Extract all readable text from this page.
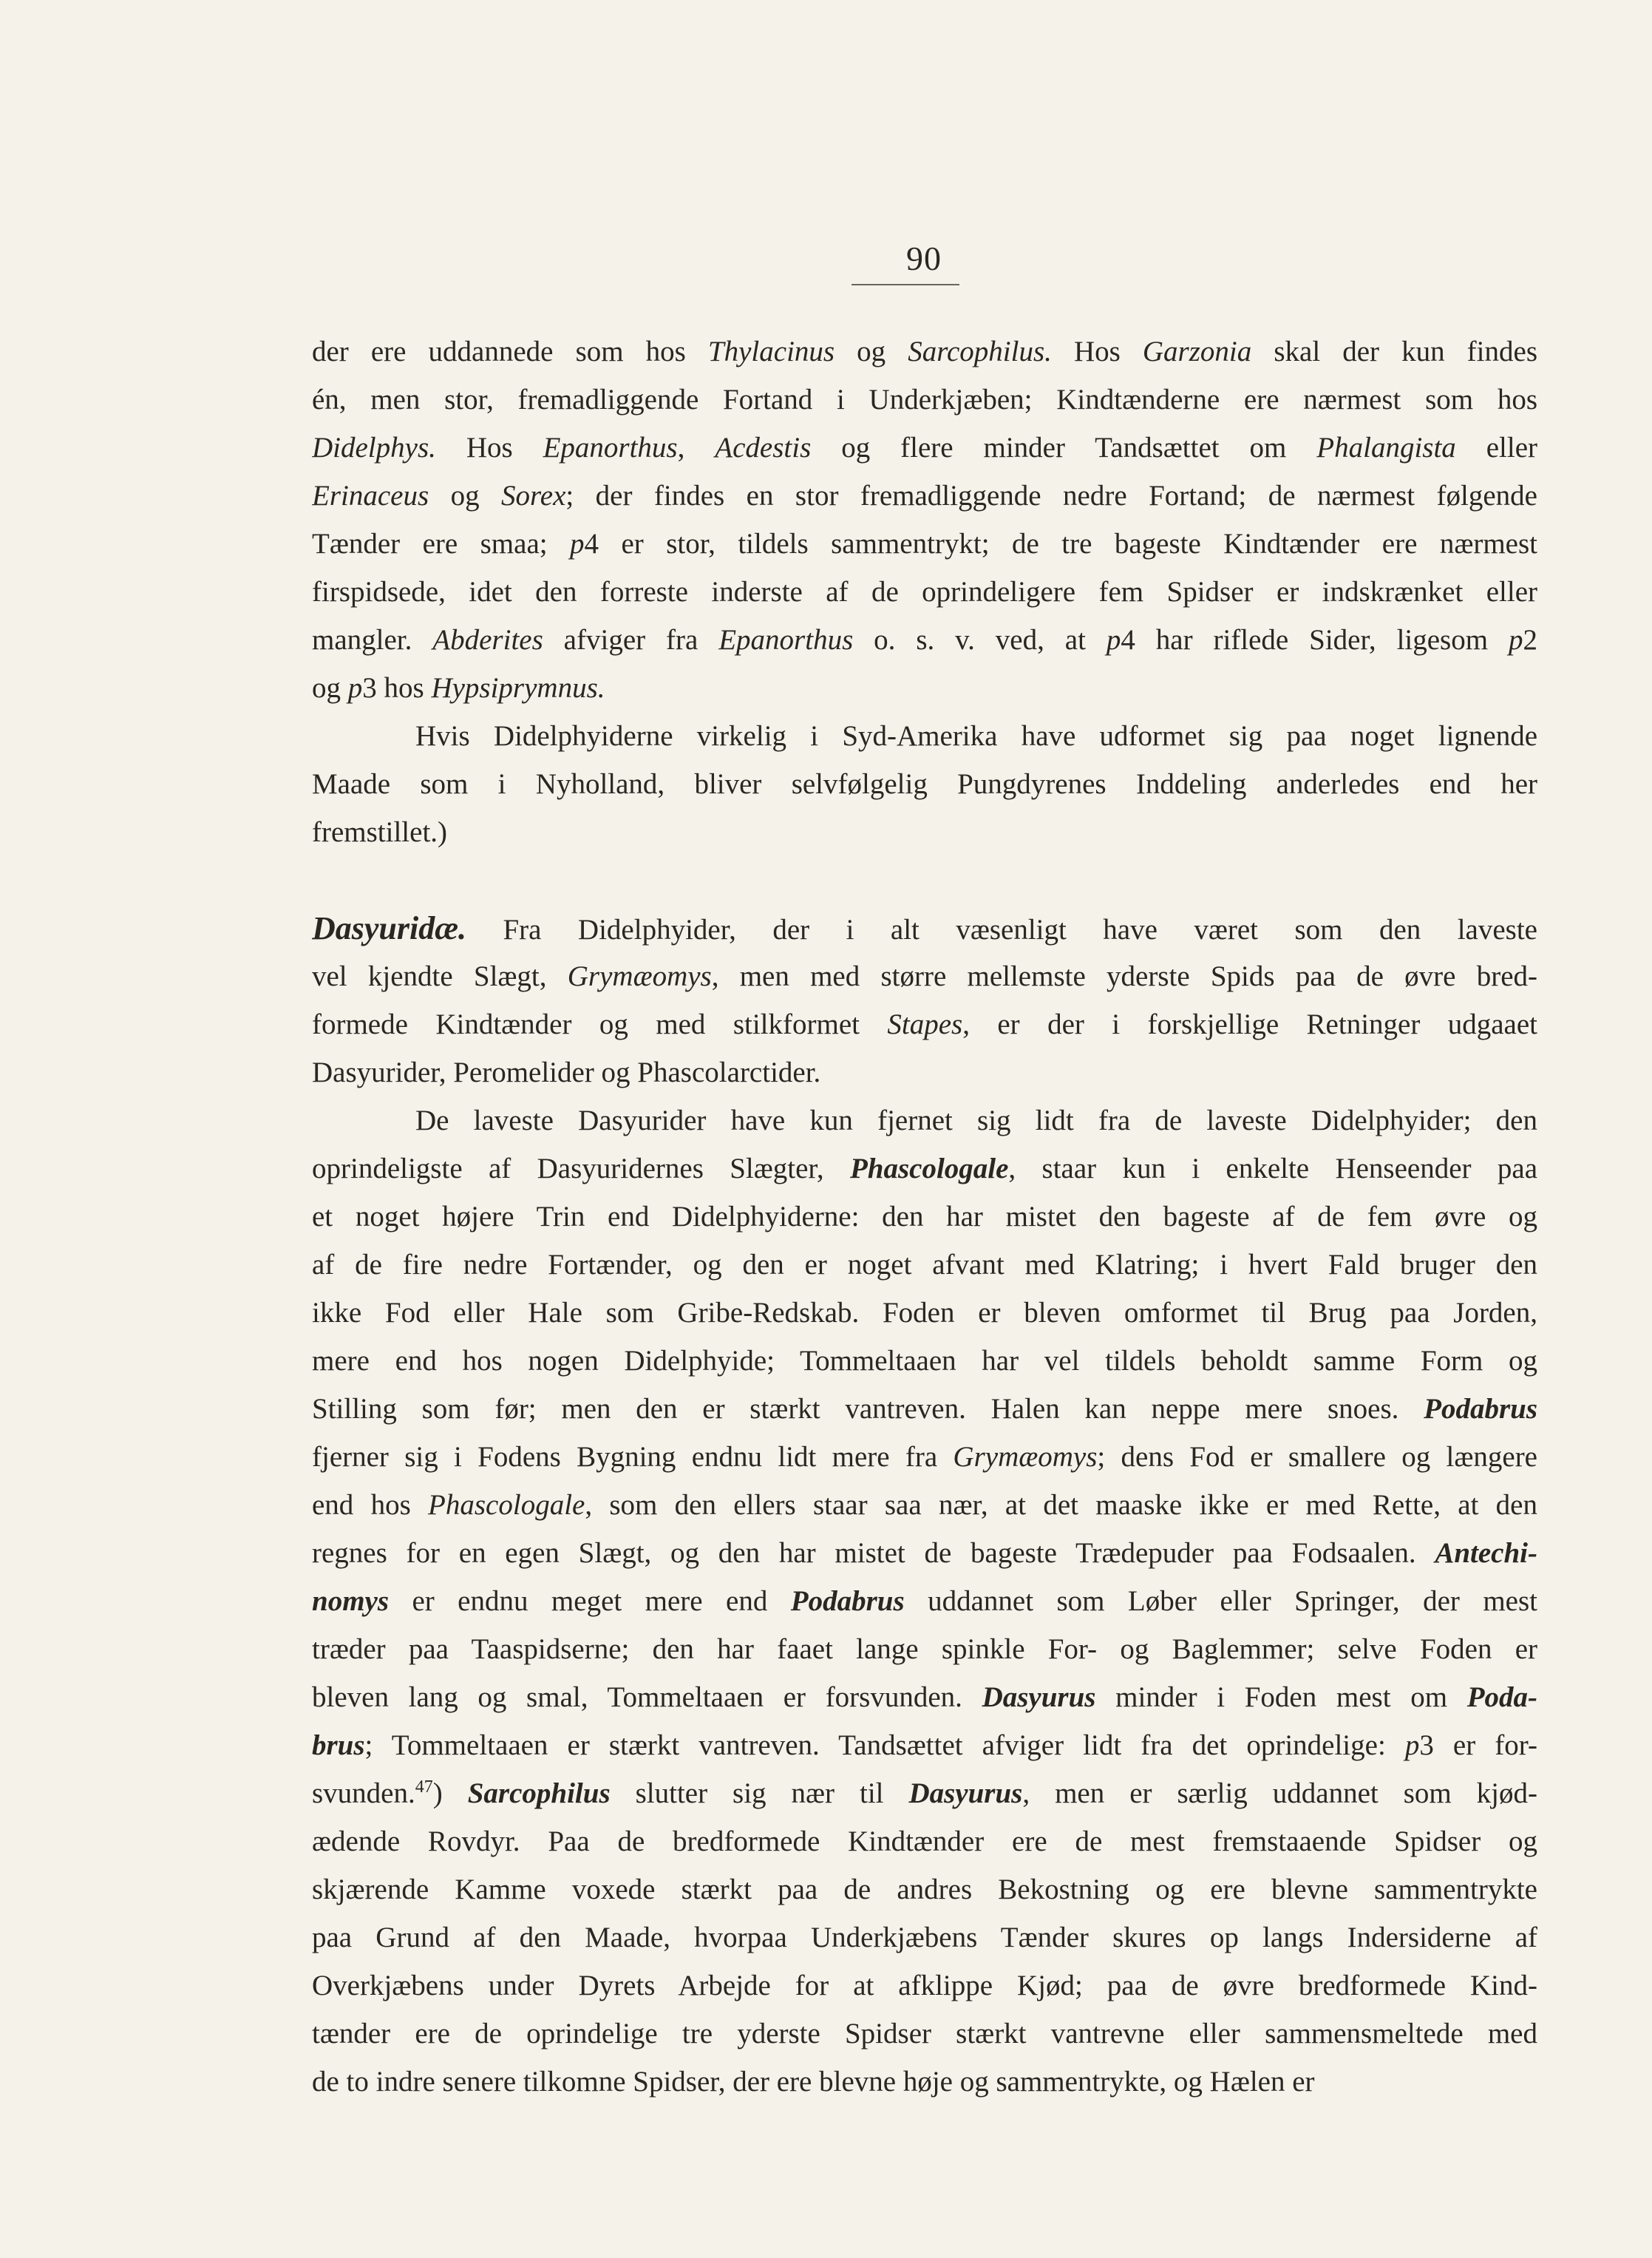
90
der ere uddannede som hos Thylacinus og Sarcophilus. Hos Garzonia skal der kun findes
én, men stor, fremadliggende Fortand i Underkjæben; Kindtænderne ere nærmest som hos
Didelphys. Hos Epanorthus, Acdestis og flere minder Tandsættet om Phalangista eller
Erinaceus og Sorex; der findes en stor fremadliggende nedre Fortand; de nærmest følgende
Tænder ere smaa; p4 er stor, tildels sammentrykt; de tre bageste Kindtænder ere nærmest
firspidsede, idet den forreste inderste af de oprindeligere fem Spidser er indskrænket eller
mangler. Abderites afviger fra Epanorthus o. s. v. ved, at p4 har riflede Sider, ligesom p2
og p3 hos Hypsiprymnus.
Hvis Didelphyiderne virkelig i Syd-Amerika have udformet sig paa noget lignende
Maade som i Nyholland, bliver selvfølgelig Pungdyrenes Inddeling anderledes end her
fremstillet.)
Dasyuridæ. Fra Didelphyider, der i alt væsenligt have været som den laveste
vel kjendte Slægt, Grymæomys, men med større mellemste yderste Spids paa de øvre bred-
formede Kindtænder og med stilkformet Stapes, er der i forskjellige Retninger udgaaet
Dasyurider, Peromelider og Phascolarctider.
De laveste Dasyurider have kun fjernet sig lidt fra de laveste Didelphyider; den
oprindeligste af Dasyuridernes Slægter, Phascologale, staar kun i enkelte Henseender paa
et noget højere Trin end Didelphyiderne: den har mistet den bageste af de fem øvre og
af de fire nedre Fortænder, og den er noget afvant med Klatring; i hvert Fald bruger den
ikke Fod eller Hale som Gribe-Redskab. Foden er bleven omformet til Brug paa Jorden,
mere end hos nogen Didelphyide; Tommeltaaen har vel tildels beholdt samme Form og
Stilling som før; men den er stærkt vantreven. Halen kan neppe mere snoes. Podabrus
fjerner sig i Fodens Bygning endnu lidt mere fra Grymæomys; dens Fod er smallere og længere
end hos Phascologale, som den ellers staar saa nær, at det maaske ikke er med Rette, at den
regnes for en egen Slægt, og den har mistet de bageste Trædepuder paa Fodsaalen. Antechi-
nomys er endnu meget mere end Podabrus uddannet som Løber eller Springer, der mest
træder paa Taaspidserne; den har faaet lange spinkle For- og Baglemmer; selve Foden er
bleven lang og smal, Tommeltaaen er forsvunden. Dasyurus minder i Foden mest om Poda-
brus; Tommeltaaen er stærkt vantreven. Tandsættet afviger lidt fra det oprindelige: p3 er for-
svunden.$^{47}$) Sarcophilus slutter sig nær til Dasyurus, men er særlig uddannet som kjød-
ædende Rovdyr. Paa de bredformede Kindtænder ere de mest fremstaaende Spidser og
skjærende Kamme voxede stærkt paa de andres Bekostning og ere blevne sammentrykte
paa Grund af den Maade, hvorpaa Underkjæbens Tænder skures op langs Indersiderne af
Overkjæbens under Dyrets Arbejde for at afklippe Kjød; paa de øvre bredformede Kind-
tænder ere de oprindelige tre yderste Spidser stærkt vantrevne eller sammensmeltede med
de to indre senere tilkomne Spidser, der ere blevne høje og sammentrykte, og Hælen er
